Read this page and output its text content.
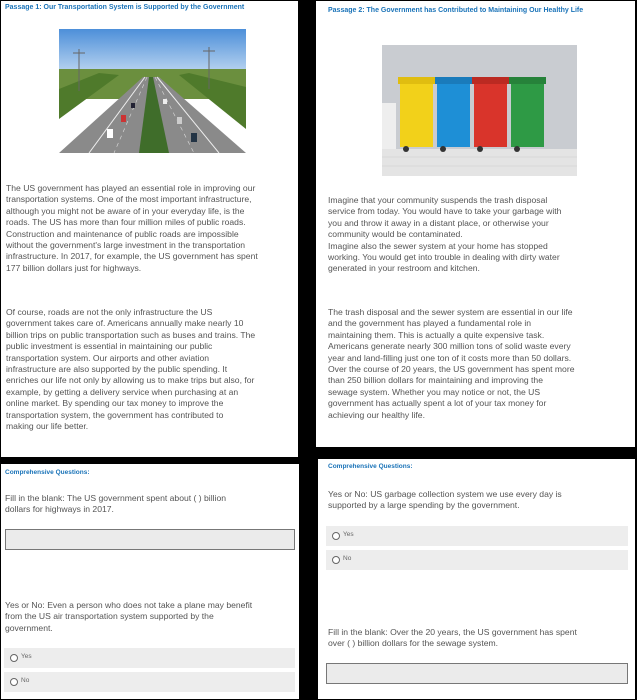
Passage 1: Our Transportation System is Supported by the Government
The US government has played an essential role in improving our
transportation systems. One of the most important infrastructure,
although you might not be aware of in your everyday life, is the
roads. The US has more than four million miles of public roads.
Construction and maintenance of public roads are impossible
without the government's large investment in the transportation
infrastructure. In 2017, for example, the US government has spent
177 billion dollars just for highways.
Of course, roads are not the only infrastructure the US
government takes care of. Americans annually make nearly 10
billion trips on public transportation such as buses and trains. The
public investment is essential in maintaining our public
transportation system. Our airports and other aviation
infrastructure are also supported by the public spending. It
enriches our life not only by allowing us to make trips but also, for
example, by getting a delivery service when purchasing at an
online market. By spending our tax money to improve the
transportation system, the government has contributed to
making our life better.
Passage 2: The Government has Contributed to Maintaining Our Healthy Life
Imagine that your community suspends the trash disposal
service from today. You would have to take your garbage with
you and throw it away in a distant place, or otherwise your
community would be contaminated.
Imagine also the sewer system at your home has stopped
working. You would get into trouble in dealing with dirty water
generated in your restroom and kitchen.
The trash disposal and the sewer system are essential in our life
and the government has played a fundamental role in
maintaining them. This is actually a quite expensive task.
Americans generate nearly 300 million tons of solid waste every
year and land-filling just one ton of it costs more than 50 dollars.
Over the course of 20 years, the US government has spent more
than 250 billion dollars for maintaining and improving the
sewage system. Whether you may notice or not, the US
government has actually spent a lot of your tax money for
achieving our healthy life.
Comprehensive Questions:
Fill in the blank: The US government spent about ( ) billion
dollars for highways in 2017.
Yes or No: Even a person who does not take a plane may benefit
from the US air transportation system supported by the
government.
Yes
No
Comprehensive Questions:
Yes or No: US garbage collection system we use every day is
supported by a large spending by the government.
Yes
No
Fill in the blank: Over the 20 years, the US government has spent
over ( ) billion dollars for the sewage system.
